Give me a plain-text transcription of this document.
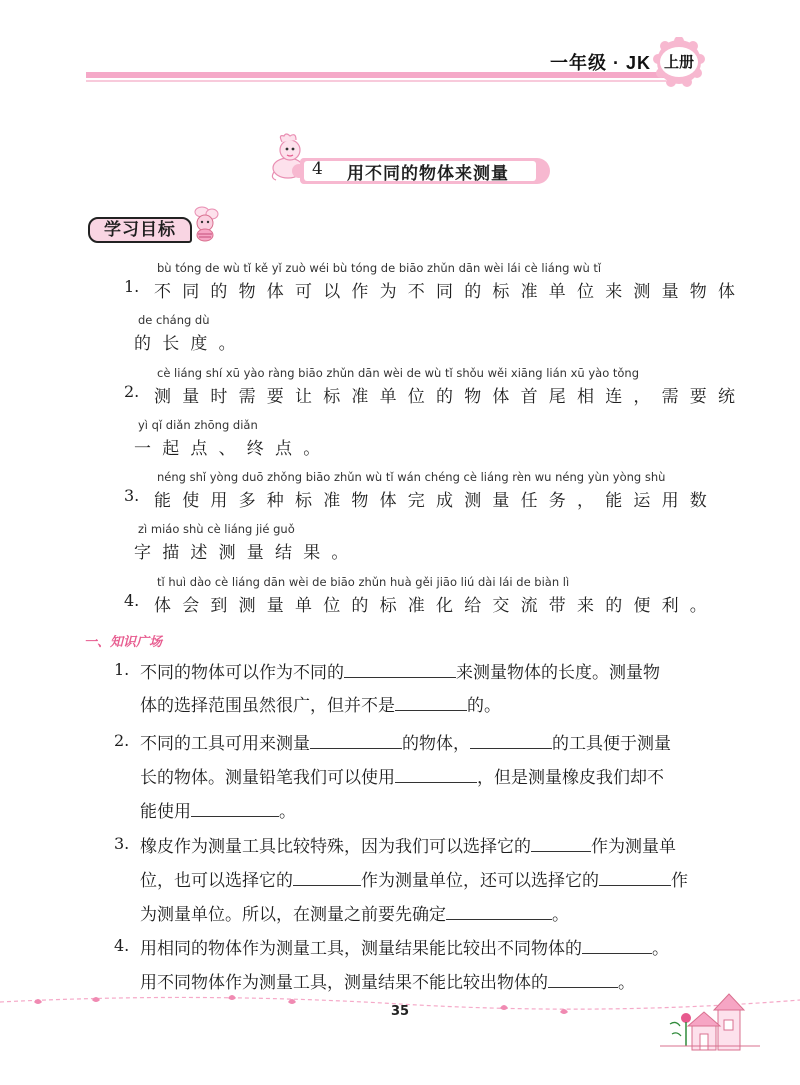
一年级 · JK 上册
4 用不同的物体来测量
学习目标
1.
bù tóng de wù tǐ kě yǐ zuò wéi bù tóng de biāo zhǔn dān wèi lái cè liáng wù tǐ
不同的物体可以作为不同的标准单位来测量物体
de cháng dù
的长度。
2.
cè liáng shí xū yào ràng biāo zhǔn dān wèi de wù tǐ shǒu wěi xiāng lián xū yào tǒng
测量时需要让标准单位的物体首尾相连，需要统
yì qǐ diǎn zhōng diǎn
一起点、终点。
3.
néng shǐ yòng duō zhǒng biāo zhǔn wù tǐ wán chéng cè liáng rèn wu néng yùn yòng shù
能使用多种标准物体完成测量任务，能运用数
zì miáo shù cè liáng jié guǒ
字描述测量结果。
4.
tǐ huì dào cè liáng dān wèi de biāo zhǔn huà gěi jiāo liú dài lái de biàn lì
体会到测量单位的标准化给交流带来的便利。
一、知识广场
1. 不同的物体可以作为不同的	来测量物体的长度。测量物
体的选择范围虽然很广，但并不是	的。
2. 不同的工具可用来测量	的物体，	的工具便于测量
长的物体。测量铅笔我们可以使用	，但是测量橡皮我们却不
能使用	。
3. 橡皮作为测量工具比较特殊，因为我们可以选择它的	作为测量单
位，也可以选择它的	作为测量单位，还可以选择它的	作
为测量单位。所以，在测量之前要先确定	。
4. 用相同的物体作为测量工具，测量结果能比较出不同物体的	。
用不同物体作为测量工具，测量结果不能比较出物体的	。
35
